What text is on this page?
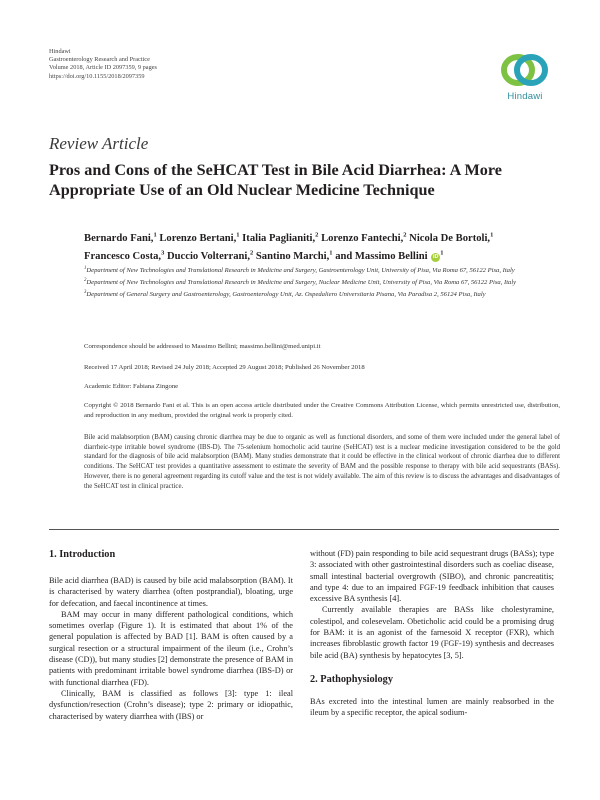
Hindawi
Gastroenterology Research and Practice
Volume 2018, Article ID 2097359, 9 pages
https://doi.org/10.1155/2018/2097359
Hindawi
Review Article
Pros and Cons of the SeHCAT Test in Bile Acid Diarrhea: A More Appropriate Use of an Old Nuclear Medicine Technique
Bernardo Fani,$^1$ Lorenzo Bertani,$^1$ Italia Paglianiti,$^2$ Lorenzo Fantechi,$^2$ Nicola De Bortoli,$^1$
Francesco Costa,$^3$ Duccio Volterrani,$^2$ Santino Marchi,$^1$ and Massimo Bellini $iD^1$
$^1$Department of New Technologies and Translational Research in Medicine and Surgery, Gastroenterology Unit, University of Pisa, Via Roma 67, 56122 Pisa, Italy
$^2$Department of New Technologies and Translational Research in Medicine and Surgery, Nuclear Medicine Unit, University of Pisa, Via Roma 67, 56122 Pisa, Italy
$^3$Department of General Surgery and Gastroenterology, Gastroenterology Unit, Az. Ospedaliero Universitaria Pisana, Via Paradisa 2, 56124 Pisa, Italy
Correspondence should be addressed to Massimo Bellini; massimo.bellini@med.unipi.it
Received 17 April 2018; Revised 24 July 2018; Accepted 29 August 2018; Published 26 November 2018
Academic Editor: Fabiana Zingone
Copyright © 2018 Bernardo Fani et al. This is an open access article distributed under the Creative Commons Attribution License, which permits unrestricted use, distribution, and reproduction in any medium, provided the original work is properly cited.
Bile acid malabsorption (BAM) causing chronic diarrhea may be due to organic as well as functional disorders, and some of them were included under the general label of diarrheic-type irritable bowel syndrome (IBS-D). The 75-selenium homocholic acid taurine (SeHCAT) test is a nuclear medicine investigation considered to be the gold standard for the diagnosis of bile acid malabsorption (BAM). Many studies demonstrate that it could be effective in the clinical workout of chronic diarrhea due to different conditions. The SeHCAT test provides a quantitative assessment to estimate the severity of BAM and the possible response to therapy with bile acid sequestrants (BASs). However, there is no general agreement regarding its cutoff value and the test is not widely available. The aim of this review is to discuss the advantages and disadvantages of the SeHCAT test in clinical practice.

1. Introduction

Bile acid diarrhea (BAD) is caused by bile acid malabsorption (BAM). It is characterised by watery diarrhea (often postprandial), bloating, urge for defecation, and faecal incontinence at times.

BAM may occur in many different pathological conditions, which sometimes overlap (Figure 1). It is estimated that about 1% of the general population is affected by BAD [1]. BAM is often caused by a surgical resection or a structural impairment of the ileum (i.e., Crohn’s disease (CD)), but many studies [2] demonstrate the presence of BAM in patients with predominant irritable bowel syndrome diarrhea (IBS-D) or with functional diarrhea (FD).

Clinically, BAM is classified as follows [3]: type 1: ileal dysfunction/resection (Crohn’s disease); type 2: primary or idiopathic, characterised by watery diarrhea with (IBS) or

without (FD) pain responding to bile acid sequestrant drugs (BASs); type 3: associated with other gastrointestinal disorders such as coeliac disease, small intestinal bacterial overgrowth (SIBO), and chronic pancreatitis; and type 4: due to an impaired FGF-19 feedback inhibition that causes excessive BA synthesis [4].

Currently available therapies are BASs like cholestyramine, colestipol, and colesevelam. Obeticholic acid could be a promising drug for BAM: it is an agonist of the farnesoid X receptor (FXR), which increases fibroblastic growth factor 19 (FGF-19) synthesis and decreases bile acid (BA) synthesis by hepatocytes [3, 5].

2. Pathophysiology

BAs excreted into the intestinal lumen are mainly reabsorbed in the ileum by a specific receptor, the apical sodium-
